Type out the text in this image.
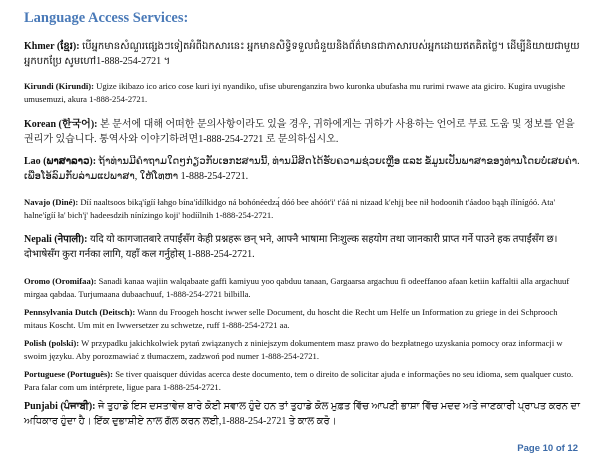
Language Access Services:

Khmer (ខ្មែរ): បើអ្នកមានសំណួរផ្សេងៗទៀតអំពីឯកសារនេះ អ្នកមានសិទ្ធិទទួលជំនួយនិងព័ត៌មានជាភាសារបស់អ្នកដោយឥតគិតថ្លៃ។ ដើម្បីនិយាយជាមួយអ្នកបកប្រែ សូមហៅ1-888-254-2721 ។

Kirundi (Kirundi): Ugize ikibazo ico arico cose kuri iyi nyandiko, ufise uburenganzira bwo kuronka ubufasha mu rurimi rwawe ata giciro. Kugira uvugishe umusemuzi, akura 1-888-254-2721.

Korean (한국어): 본 문서에 대해 어떠한 문의사항이라도 있을 경우, 귀하에게는 귀하가 사용하는 언어로 무료 도움 및 정보를 얻을 권리가 있습니다. 통역사와 이야기하려면1-888-254-2721 로 문의하십시오.

Lao (ພາສາລາວ): ຖ້າທ່ານມີຄຳຖາມໃດໆກ່ຽວກັບເອກະສານນີ້, ທ່ານມີສິດໄດ້ຮັບຄວາມຊ່ວຍເຫຼືອ ແລະ ຂໍ້ມູນເປັນພາສາຂອງທ່ານໂດຍບໍ່ເສຍຄ່າ. ເພື່ອໂອ້ລົມກັບລ່າມແປພາສາ, ໃຫ້ໂທຫາ 1-888-254-2721.

Navajo (Diné): Díí naaltsoos biką'ígíí łahgo bína'ídílkidgo ná bohónéedzą́ dóó bee ahóót'i' t'áá ni nizaad k'ehjį bee nił hodoonih t'áadoo bąąh ílínígóó. Ata' halne'ígíí ła' bich'į' hadeesdzih nínízingo koji' hodíílnih 1-888-254-2721.

Nepali (नेपाली): यदि यो कागजातबारे तपाईंसँग केही प्रश्नहरू छन् भने, आफ्नै भाषामा निःशुल्क सहयोग तथा जानकारी प्राप्त गर्ने पाउने हक तपाईंसँग छ। दोभाषेसँग कुरा गर्नका लागि, यहाँ कल गर्नुहोस् 1-888-254-2721.

Oromo (Oromifaa): Sanadi kanaa wajiin walqabaate gaffi kamiyuu yoo qabduu tanaan, Gargaarsa argachuu fi odeeffanoo afaan ketiin kaffaltii alla argachuuf mirgaa qabdaa. Turjumaana dubaachuuf, 1-888-254-2721 bilbilla.

Pennsylvania Dutch (Deitsch): Wann du Froogeh hoscht iwwer selle Document, du hoscht die Recht um Helfe un Information zu griege in dei Schprooch mitaus Koscht. Um mit en Iwwersetzer zu schwetze, ruff 1-888-254-2721 aa.

Polish (polski): W przypadku jakichkolwiek pytań związanych z niniejszym dokumentem masz prawo do bezpłatnego uzyskania pomocy oraz informacji w swoim języku. Aby porozmawiać z tłumaczem, zadzwoń pod numer 1-888-254-2721.

Portuguese (Português): Se tiver quaisquer dúvidas acerca deste documento, tem o direito de solicitar ajuda e informações no seu idioma, sem qualquer custo. Para falar com um intérprete, ligue para 1-888-254-2721.

Punjabi (ਪੰਜਾਬੀ): ਜੇ ਤੁਹਾਡੇ ਇਸ ਦਸਤਾਵੇਜ਼ ਬਾਰੇ ਕੋਈ ਸਵਾਲ ਹੁੰਦੇ ਹਨ ਤਾਂ ਤੁਹਾਡੇ ਕੋਲ ਮੁਫ਼ਤ ਵਿੱਚ ਆਪਣੀ ਭਾਸ਼ਾ ਵਿੱਚ ਮਦਦ ਅਤੇ ਜਾਣਕਾਰੀ ਪ੍ਰਾਪਤ ਕਰਨ ਦਾ ਅਧਿਕਾਰ ਹੁੰਦਾ ਹੈ। ਇੱਕ ਦੁਭਾਸ਼ੀਏ ਨਾਲ ਗੱਲ ਕਰਨ ਲਈ,1-888-254-2721 ਤੇ ਕਾਲ ਕਰੋ।

Page 10 of 12
